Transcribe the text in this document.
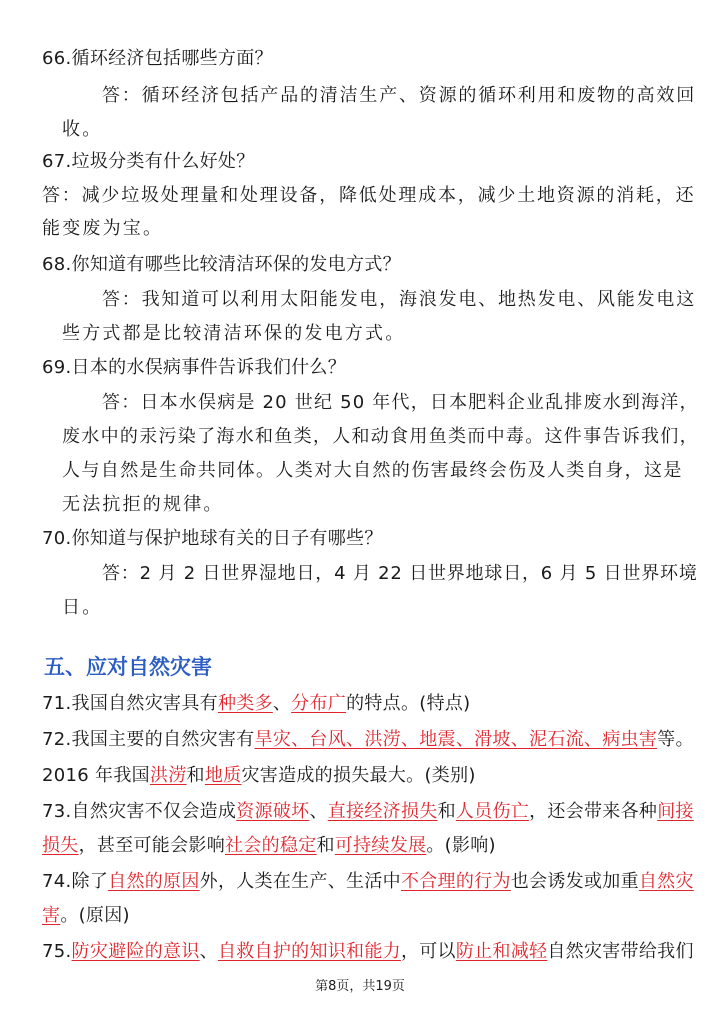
66.循环经济包括哪些方面？
答：循环经济包括产品的清洁生产、资源的循环利用和废物的高效回
收。
67.垃圾分类有什么好处？
答：减少垃圾处理量和处理设备，降低处理成本，减少土地资源的消耗，还
能变废为宝。
68.你知道有哪些比较清洁环保的发电方式？
答：我知道可以利用太阳能发电，海浪发电、地热发电、风能发电这
些方式都是比较清洁环保的发电方式。
69.日本的水俣病事件告诉我们什么？
答：日本水俣病是 20 世纪 50 年代，日本肥料企业乱排废水到海洋，
废水中的汞污染了海水和鱼类，人和动食用鱼类而中毒。这件事告诉我们，
人与自然是生命共同体。人类对大自然的伤害最终会伤及人类自身，这是
无法抗拒的规律。
70.你知道与保护地球有关的日子有哪些？
答：2 月 2 日世界湿地日，4 月 22 日世界地球日，6 月 5 日世界环境
日。
五、应对自然灾害
71.我国自然灾害具有种类多、分布广的特点。(特点)
72.我国主要的自然灾害有旱灾、台风、洪涝、地震、滑坡、泥石流、病虫害等。
2016 年我国洪涝和地质灾害造成的损失最大。(类别)
73.自然灾害不仅会造成资源破坏、直接经济损失和人员伤亡，还会带来各种间接
损失，甚至可能会影响社会的稳定和可持续发展。(影响)
74.除了自然的原因外，人类在生产、生活中不合理的行为也会诱发或加重自然灾
害。(原因)
75.防灾避险的意识、自救自护的知识和能力，可以防止和减轻自然灾害带给我们
第8页，共19页
